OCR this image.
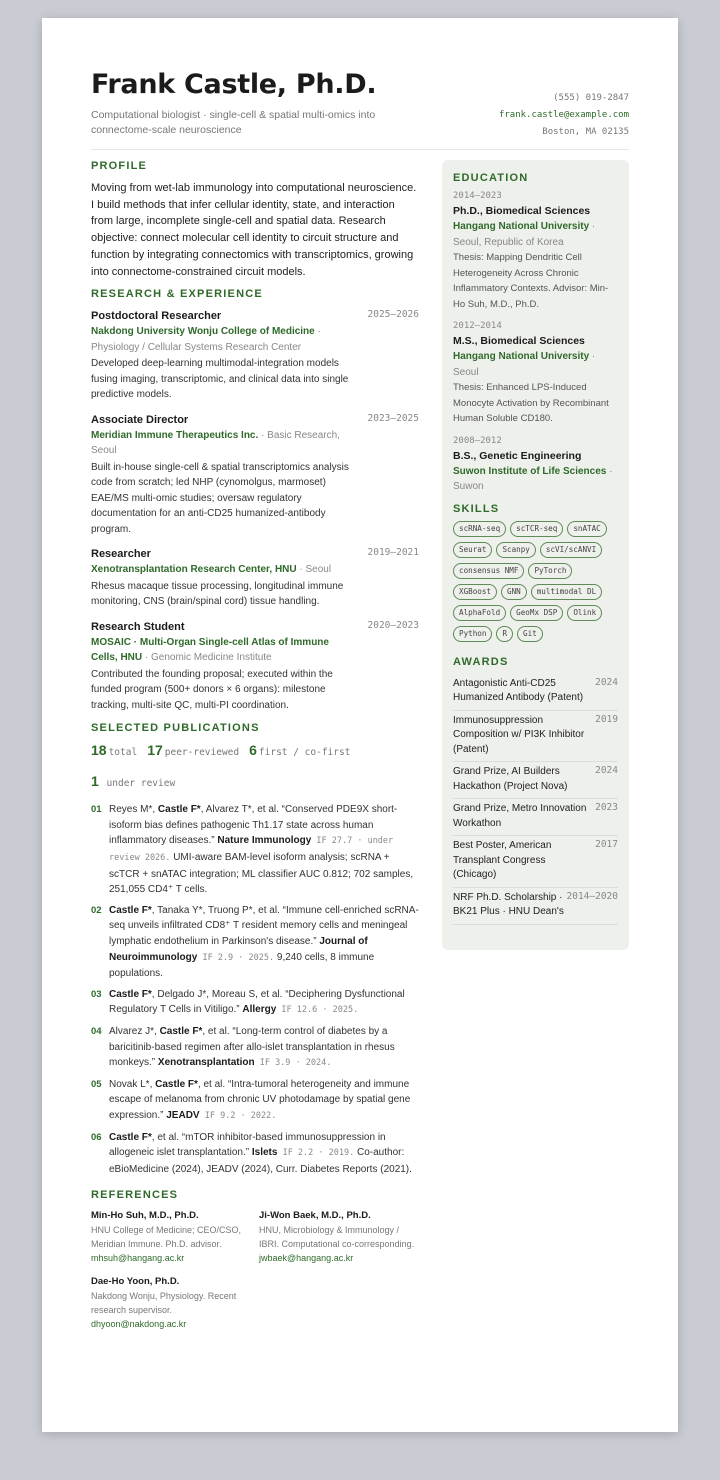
Frank Castle, Ph.D.
Computational biologist · single-cell & spatial multi-omics into connectome-scale neuroscience
(555) 019-2847
frank.castle@example.com
Boston, MA 02135
PROFILE

Moving from wet-lab immunology into computational neuroscience. I build methods that infer cellular identity, state, and interaction from large, incomplete single-cell and spatial data. Research objective: connect molecular cell identity to circuit structure and function by integrating connectomics with transcriptomics, growing into connectome-constrained circuit models.

RESEARCH & EXPERIENCE
Postdoctoral Researcher	2025–2026
Nakdong University Wonju College of Medicine · Physiology / Cellular Systems Research Center
Developed deep-learning multimodal-integration models fusing imaging, transcriptomic, and clinical data into single predictive models.
Associate Director	2023–2025
Meridian Immune Therapeutics Inc. · Basic Research, Seoul
Built in-house single-cell & spatial transcriptomics analysis code from scratch; led NHP (cynomolgus, marmoset) EAE/MS multi-omic studies; oversaw regulatory documentation for an anti-CD25 humanized-antibody program.
Researcher	2019–2021
Xenotransplantation Research Center, HNU · Seoul
Rhesus macaque tissue processing, longitudinal immune monitoring, CNS (brain/spinal cord) tissue handling.
Research Student	2020–2023
MOSAIC · Multi-Organ Single-cell Atlas of Immune Cells, HNU · Genomic Medicine Institute
Contributed the founding proposal; executed within the funded program (500+ donors × 6 organs): milestone tracking, multi-site QC, multi-PI coordination.
SELECTED PUBLICATIONS
18 total 17 peer-reviewed 6 first / co-first
1 under review
01 Reyes M*, Castle F*, Alvarez T*, et al. “Conserved PDE9X short-isoform bias defines pathogenic Th1.17 state across human inflammatory diseases.” Nature Immunology IF 27.7 · under review 2026. UMI-aware BAM-level isoform analysis; scRNA + scTCR + snATAC integration; ML classifier AUC 0.812; 702 samples, 251,055 CD4⁺ T cells.
02 Castle F*, Tanaka Y*, Truong P*, et al. “Immune cell-enriched scRNA-seq unveils infiltrated CD8⁺ T resident memory cells and meningeal lymphatic endothelium in Parkinson's disease.” Journal of Neuroimmunology IF 2.9 · 2025. 9,240 cells, 8 immune populations.
03 Castle F*, Delgado J*, Moreau S, et al. “Deciphering Dysfunctional Regulatory T Cells in Vitiligo.” Allergy IF 12.6 · 2025.
04 Alvarez J*, Castle F*, et al. “Long-term control of diabetes by a baricitinib-based regimen after allo-islet transplantation in rhesus monkeys.” Xenotransplantation IF 3.9 · 2024.
05 Novak L*, Castle F*, et al. “Intra-tumoral heterogeneity and immune escape of melanoma from chronic UV photodamage by spatial gene expression.” JEADV IF 9.2 · 2022.
06 Castle F*, et al. “mTOR inhibitor-based immunosuppression in allogeneic islet transplantation.” Islets IF 2.2 · 2019. Co-author: eBioMedicine (2024), JEADV (2024), Curr. Diabetes Reports (2021).
REFERENCES
Min-Ho Suh, M.D., Ph.D.
HNU College of Medicine; CEO/CSO, Meridian Immune. Ph.D. advisor.
mhsuh@hangang.ac.kr
Ji-Won Baek, M.D., Ph.D.
HNU, Microbiology & Immunology / IBRI. Computational co-corresponding.
jwbaek@hangang.ac.kr
Dae-Ho Yoon, Ph.D.
Nakdong Wonju, Physiology. Recent research supervisor.
dhyoon@nakdong.ac.kr
EDUCATION
2014–2023
Ph.D., Biomedical Sciences
Hangang National University · Seoul, Republic of Korea
Thesis: Mapping Dendritic Cell Heterogeneity Across Chronic Inflammatory Contexts. Advisor: Min-Ho Suh, M.D., Ph.D.
2012–2014
M.S., Biomedical Sciences
Hangang National University · Seoul
Thesis: Enhanced LPS-Induced Monocyte Activation by Recombinant Human Soluble CD180.
2008–2012
B.S., Genetic Engineering
Suwon Institute of Life Sciences · Suwon
SKILLS
scRNA-seq	scTCR-seq	snATAC
Seurat	Scanpy	scVI/scANVI
consensus NMF	PyTorch
XGBoost	GNN	multimodal DL
AlphaFold	GeoMx DSP	Olink
Python	R	Git
AWARDS
Antagonistic Anti-CD25 Humanized Antibody (Patent)
2024
Immunosuppression Composition w/ PI3K Inhibitor (Patent)
2019
Grand Prize, AI Builders Hackathon (Project Nova)
2024
Grand Prize, Metro Innovation Workathon
2023
Best Poster, American Transplant Congress (Chicago)
2017
NRF Ph.D. Scholarship · BK21 Plus · HNU Dean's
2014–2020
